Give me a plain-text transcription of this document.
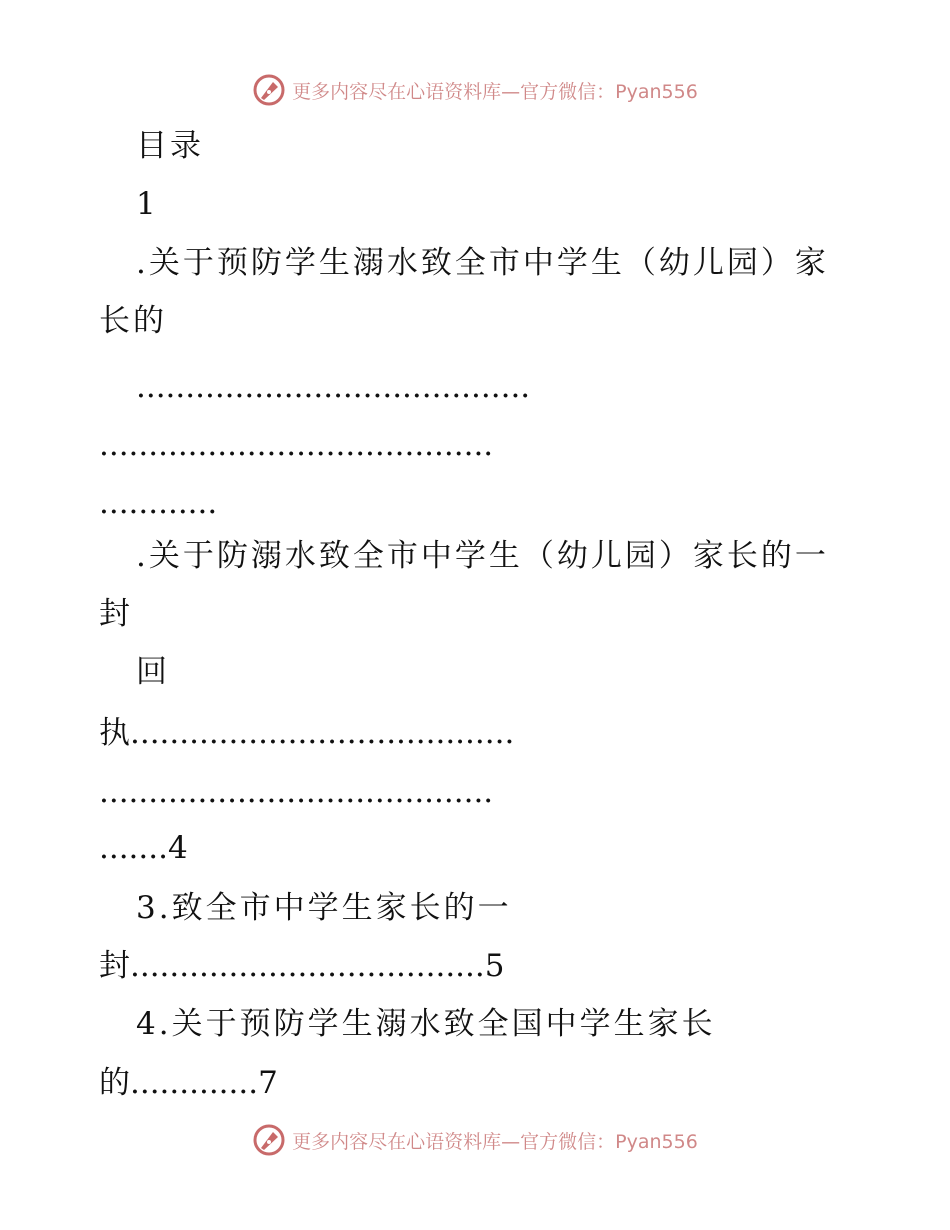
更多内容尽在心语资料库—官方微信：Pyan556
目录
1
.关于预防学生溺水致全市中学生（幼儿园）家
长的
........................................
........................................
............
.关于防溺水致全市中学生（幼儿园）家长的一
封
回
执.......................................
........................................
.......4
3.致全市中学生家长的一
封....................................5
4.关于预防学生溺水致全国中学生家长
的.............7
更多内容尽在心语资料库—官方微信：Pyan556
